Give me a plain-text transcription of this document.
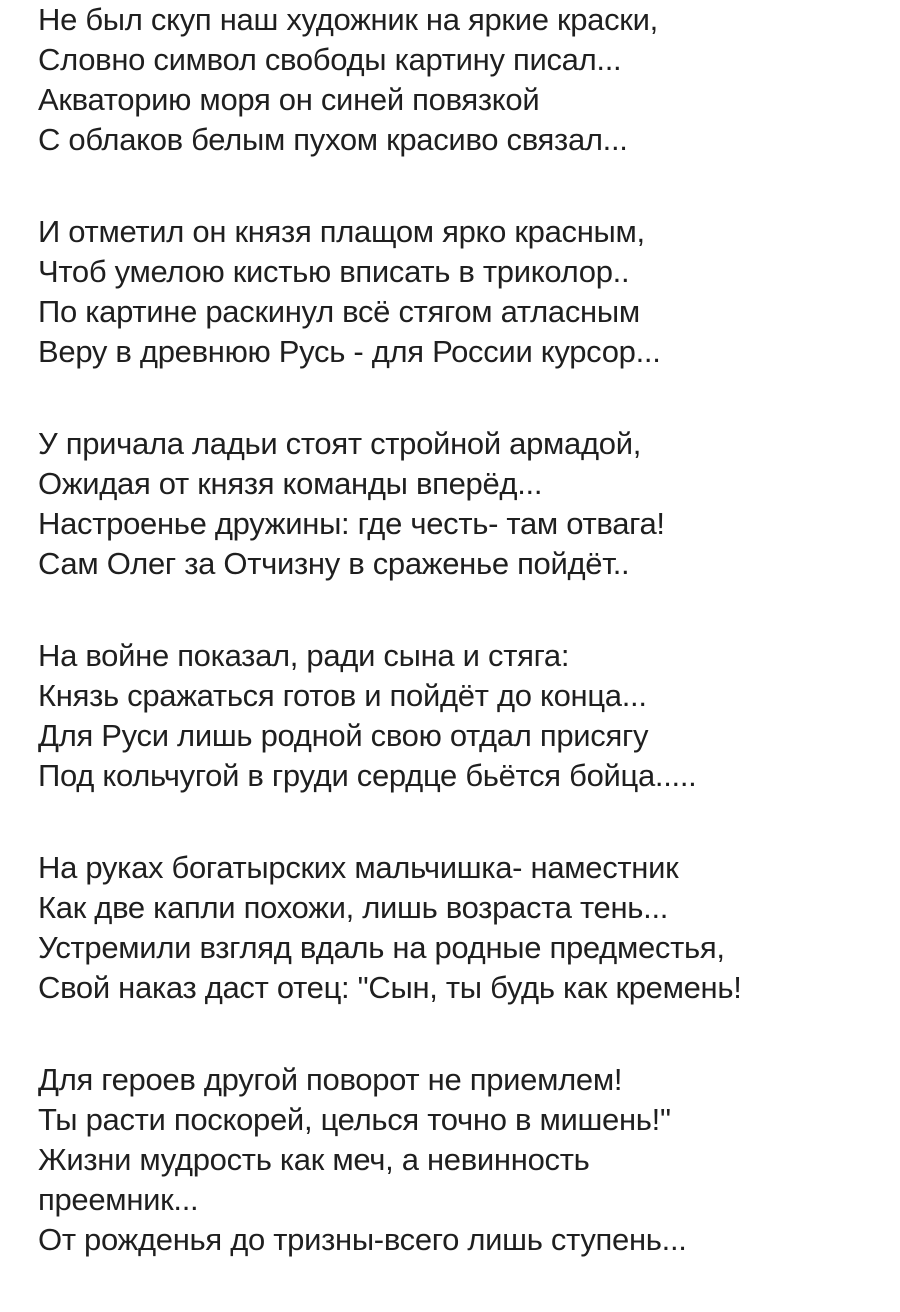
Не был скуп наш художник на яркие краски,
Словно символ свободы картину писал...
Акваторию моря он синей повязкой
С облаков белым пухом красиво связал...
И отметил он князя плащом ярко красным,
Чтоб умелою кистью вписать в триколор..
По картине раскинул всё стягом атласным
Веру в древнюю Русь - для России курсор...
У причала ладьи стоят стройной армадой,
Ожидая от князя команды вперёд...
Настроенье дружины: где честь- там отвага!
Сам Олег за Отчизну в сраженье пойдёт..
На войне показал, ради сына и стяга:
Князь сражаться готов и пойдёт до конца...
Для Руси лишь родной свою отдал присягу
Под кольчугой в груди сердце бьётся бойца.....
На руках богатырских мальчишка- наместник
Как две капли похожи, лишь возраста тень...
Устремили взгляд вдаль на родные предместья,
Свой наказ даст отец: "Сын, ты будь как кремень!
Для героев другой поворот не приемлем!
Ты расти поскорей, целься точно в мишень!"
Жизни мудрость как меч, а невинность
преемник...
От рожденья до тризны-всего лишь ступень...
